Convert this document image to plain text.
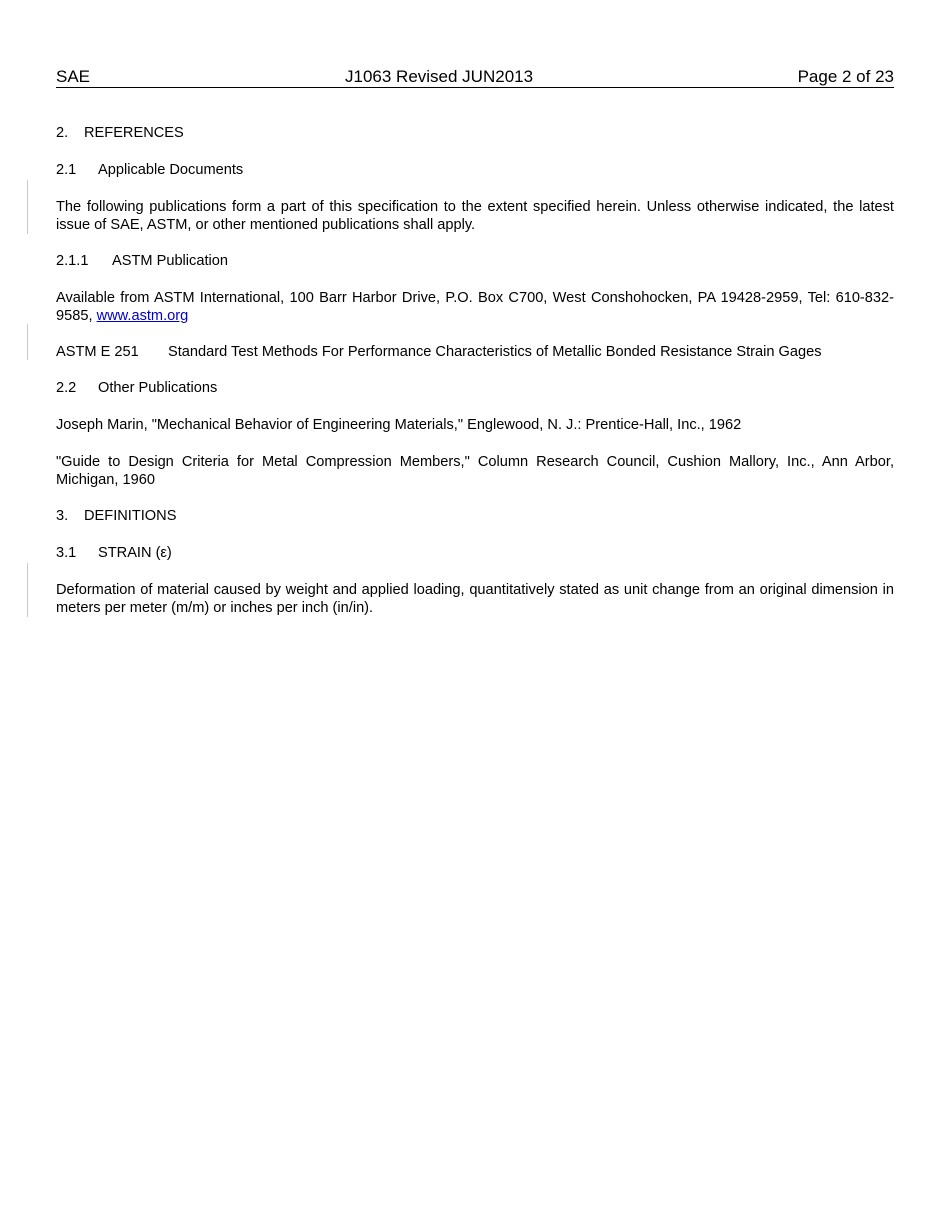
SAE	J1063 Revised JUN2013	Page 2 of 23
2. REFERENCES
2.1 Applicable Documents
The following publications form a part of this specification to the extent specified herein. Unless otherwise indicated, the latest issue of SAE, ASTM, or other mentioned publications shall apply.
2.1.1 ASTM Publication
Available from ASTM International, 100 Barr Harbor Drive, P.O. Box C700, West Conshohocken, PA 19428-2959, Tel: 610-832-9585, www.astm.org
ASTM E 251 Standard Test Methods For Performance Characteristics of Metallic Bonded Resistance Strain Gages
2.2 Other Publications
Joseph Marin, "Mechanical Behavior of Engineering Materials," Englewood, N. J.: Prentice-Hall, Inc., 1962
"Guide to Design Criteria for Metal Compression Members," Column Research Council, Cushion Mallory, Inc., Ann Arbor, Michigan, 1960
3. DEFINITIONS
3.1 STRAIN (ε)
Deformation of material caused by weight and applied loading, quantitatively stated as unit change from an original dimension in meters per meter (m/m) or inches per inch (in/in).
